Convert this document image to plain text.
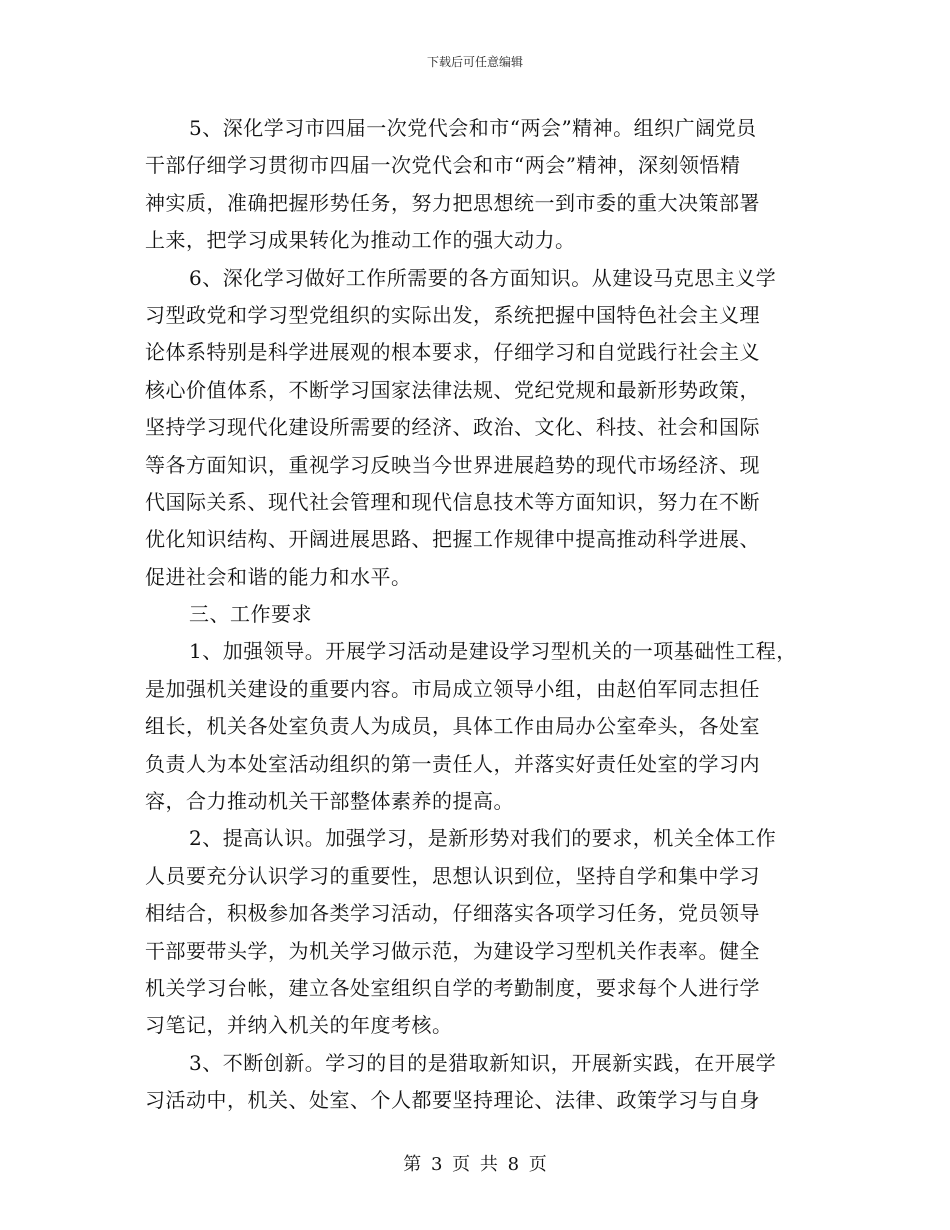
下载后可任意编辑
5、深化学习市四届一次党代会和市“两会”精神。组织广阔党员
干部仔细学习贯彻市四届一次党代会和市“两会”精神，深刻领悟精
神实质，准确把握形势任务，努力把思想统一到市委的重大决策部署
上来，把学习成果转化为推动工作的强大动力。
6、深化学习做好工作所需要的各方面知识。从建设马克思主义学
习型政党和学习型党组织的实际出发，系统把握中国特色社会主义理
论体系特别是科学进展观的根本要求，仔细学习和自觉践行社会主义
核心价值体系，不断学习国家法律法规、党纪党规和最新形势政策，
坚持学习现代化建设所需要的经济、政治、文化、科技、社会和国际
等各方面知识，重视学习反映当今世界进展趋势的现代市场经济、现
代国际关系、现代社会管理和现代信息技术等方面知识，努力在不断
优化知识结构、开阔进展思路、把握工作规律中提高推动科学进展、
促进社会和谐的能力和水平。
三、工作要求
1、加强领导。开展学习活动是建设学习型机关的一项基础性工程，
是加强机关建设的重要内容。市局成立领导小组，由赵伯军同志担任
组长，机关各处室负责人为成员，具体工作由局办公室牵头，各处室
负责人为本处室活动组织的第一责任人，并落实好责任处室的学习内
容，合力推动机关干部整体素养的提高。
2、提高认识。加强学习，是新形势对我们的要求，机关全体工作
人员要充分认识学习的重要性，思想认识到位，坚持自学和集中学习
相结合，积极参加各类学习活动，仔细落实各项学习任务，党员领导
干部要带头学，为机关学习做示范，为建设学习型机关作表率。健全
机关学习台帐，建立各处室组织自学的考勤制度，要求每个人进行学
习笔记，并纳入机关的年度考核。
3、不断创新。学习的目的是猎取新知识，开展新实践，在开展学
习活动中，机关、处室、个人都要坚持理论、法律、政策学习与自身
第 3 页 共 8 页
